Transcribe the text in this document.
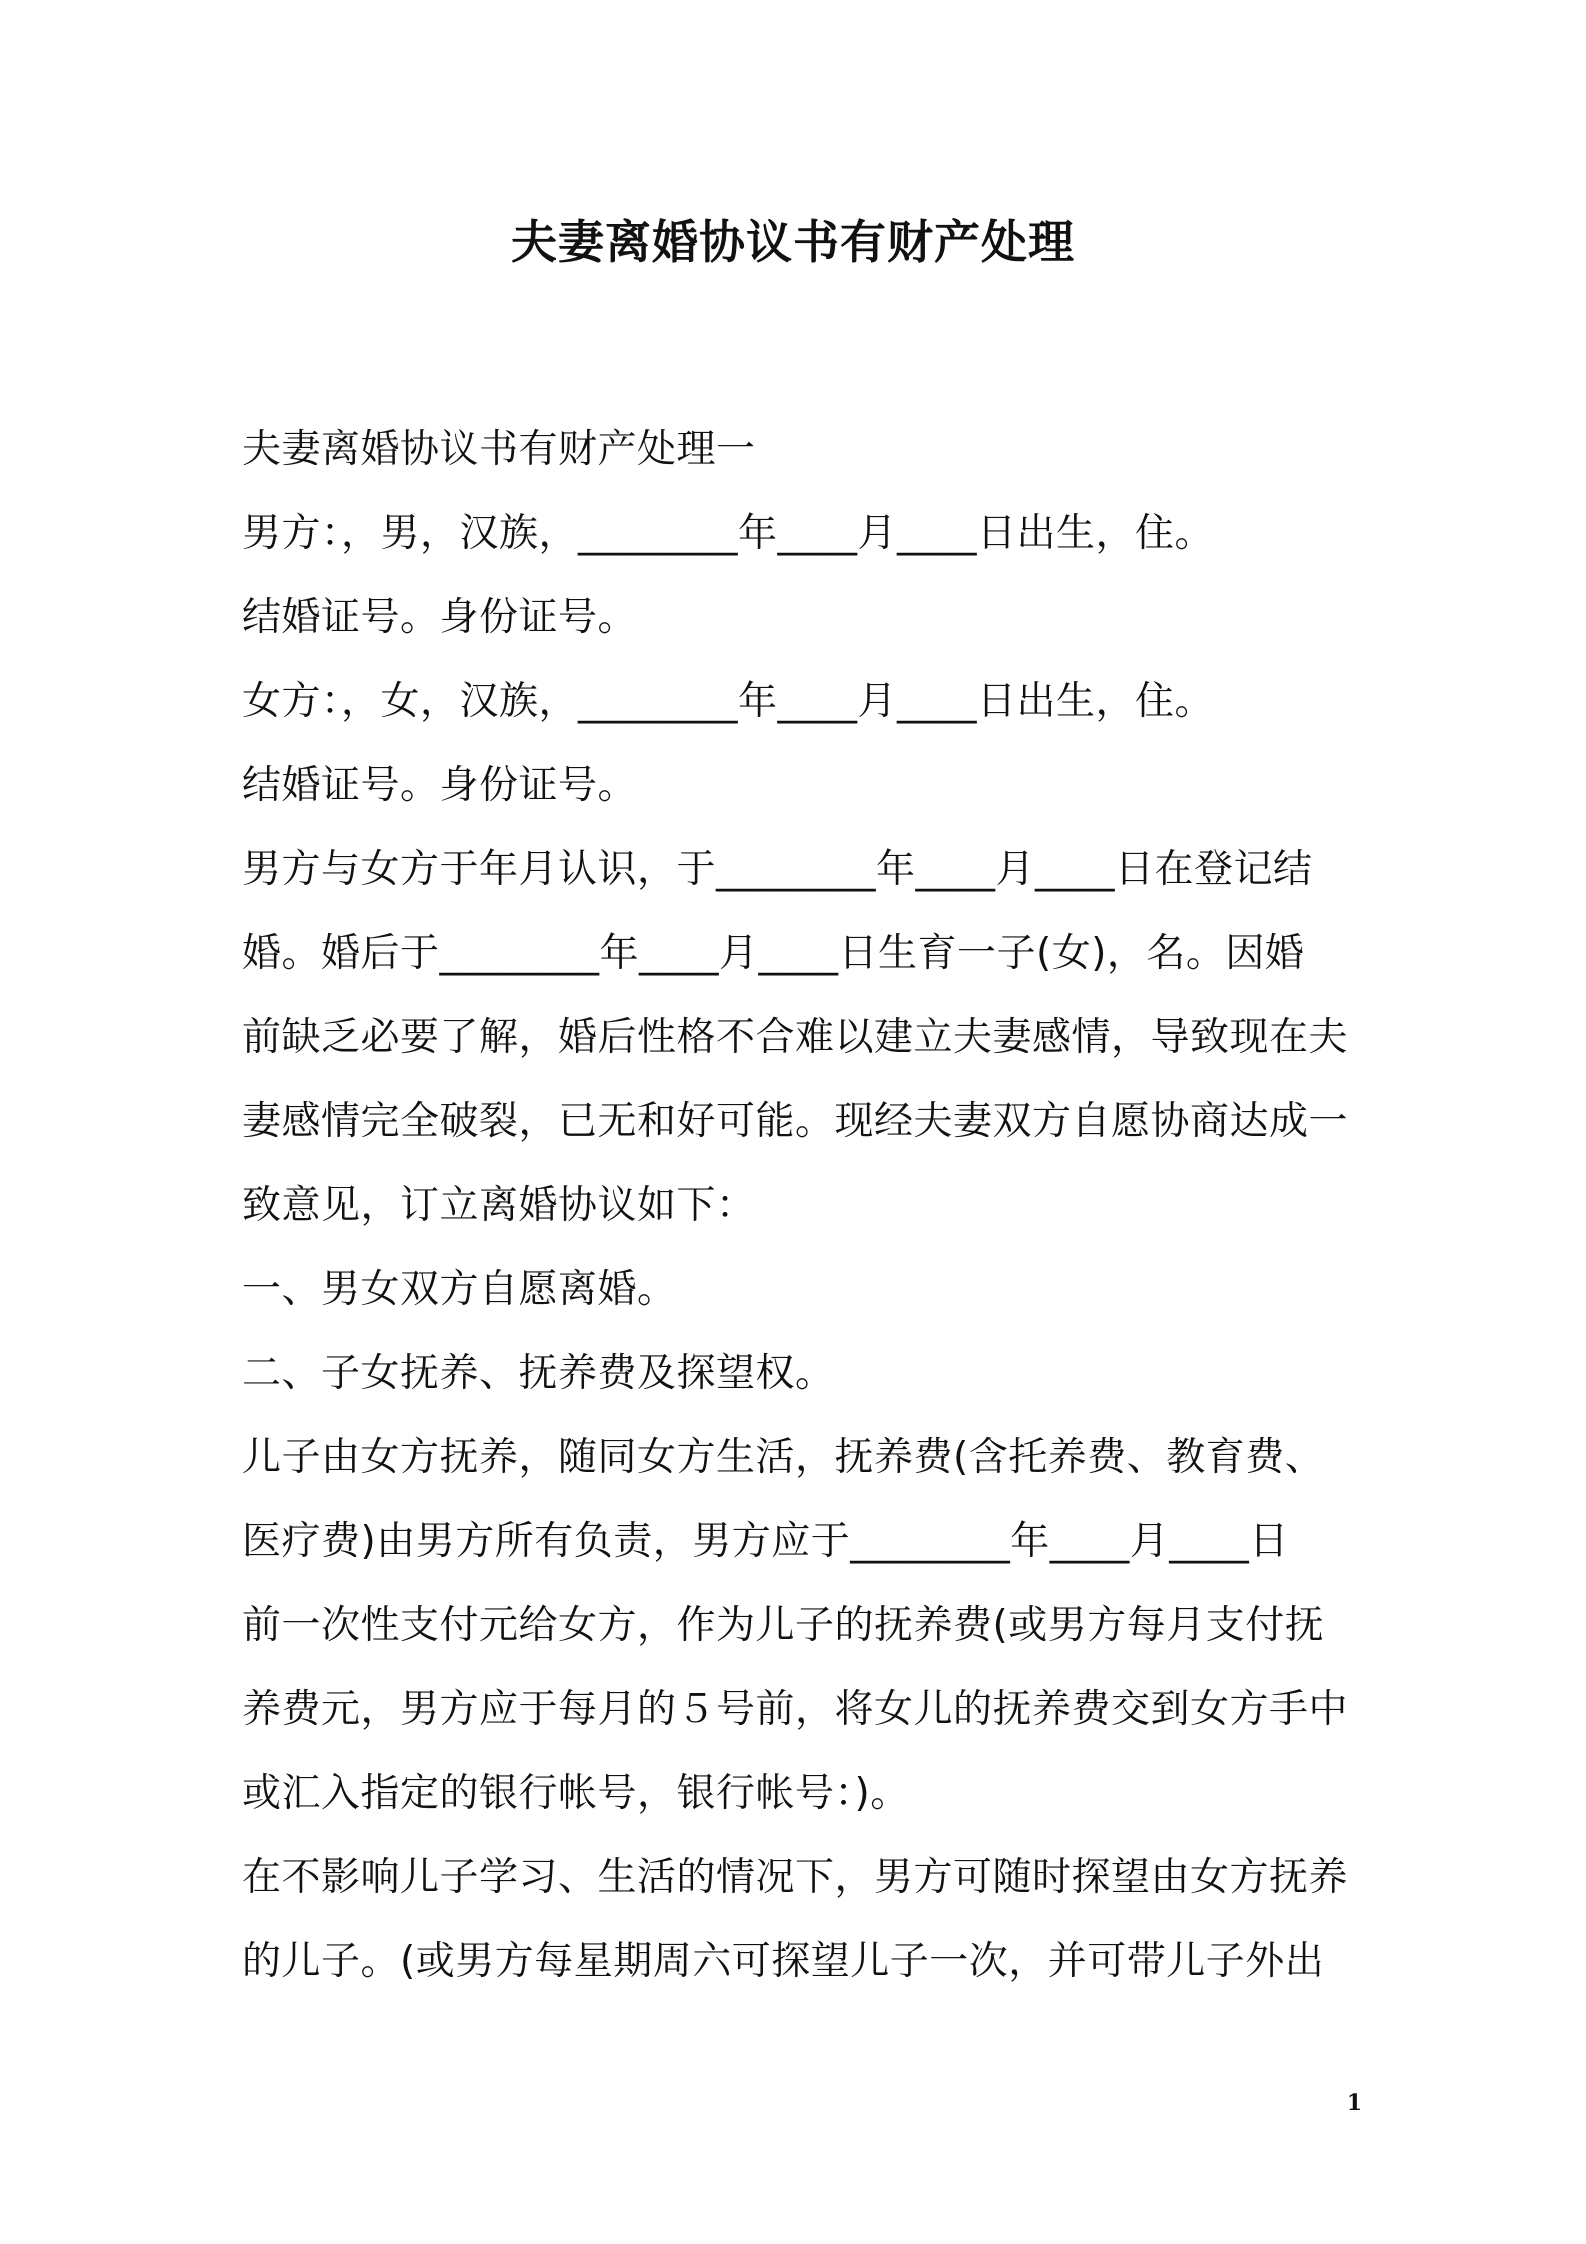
夫妻离婚协议书有财产处理
夫妻离婚协议书有财产处理一
男方：，男，汉族，________年____月____日出生，住。
结婚证号。身份证号。
女方：，女，汉族，________年____月____日出生，住。
结婚证号。身份证号。
男方与女方于年月认识，于________年____月____日在登记结
婚。婚后于________年____月____日生育一子(女)，名。因婚
前缺乏必要了解，婚后性格不合难以建立夫妻感情，导致现在夫
妻感情完全破裂，已无和好可能。现经夫妻双方自愿协商达成一
致意见，订立离婚协议如下：
一、男女双方自愿离婚。
二、子女抚养、抚养费及探望权。
儿子由女方抚养，随同女方生活，抚养费(含托养费、教育费、
医疗费)由男方所有负责，男方应于________年____月____日
前一次性支付元给女方，作为儿子的抚养费(或男方每月支付抚
养费元，男方应于每月的５号前，将女儿的抚养费交到女方手中
或汇入指定的银行帐号，银行帐号：)。
在不影响儿子学习、生活的情况下，男方可随时探望由女方抚养
的儿子。(或男方每星期周六可探望儿子一次，并可带儿子外出
1
